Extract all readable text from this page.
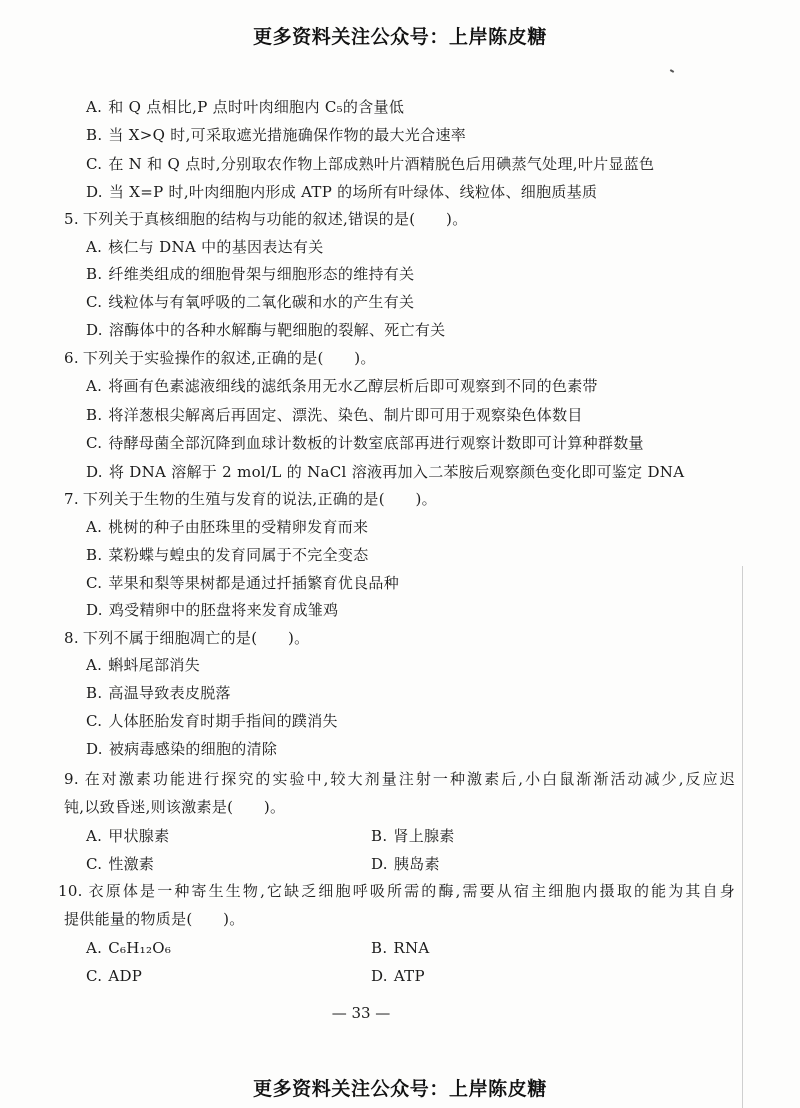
更多资料关注公众号：上岸陈皮糖
A. 和 Q 点相比,P 点时叶肉细胞内 C₅的含量低
B. 当 X>Q 时,可采取遮光措施确保作物的最大光合速率
C. 在 N 和 Q 点时,分别取农作物上部成熟叶片酒精脱色后用碘蒸气处理,叶片显蓝色
D. 当 X=P 时,叶肉细胞内形成 ATP 的场所有叶绿体、线粒体、细胞质基质
5. 下列关于真核细胞的结构与功能的叙述,错误的是(　　)。
A. 核仁与 DNA 中的基因表达有关
B. 纤维类组成的细胞骨架与细胞形态的维持有关
C. 线粒体与有氧呼吸的二氧化碳和水的产生有关
D. 溶酶体中的各种水解酶与靶细胞的裂解、死亡有关
6. 下列关于实验操作的叙述,正确的是(　　)。
A. 将画有色素滤液细线的滤纸条用无水乙醇层析后即可观察到不同的色素带
B. 将洋葱根尖解离后再固定、漂洗、染色、制片即可用于观察染色体数目
C. 待酵母菌全部沉降到血球计数板的计数室底部再进行观察计数即可计算种群数量
D. 将 DNA 溶解于 2 mol/L 的 NaCl 溶液再加入二苯胺后观察颜色变化即可鉴定 DNA
7. 下列关于生物的生殖与发育的说法,正确的是(　　)。
A. 桃树的种子由胚珠里的受精卵发育而来
B. 菜粉蝶与蝗虫的发育同属于不完全变态
C. 苹果和梨等果树都是通过扦插繁育优良品种
D. 鸡受精卵中的胚盘将来发育成雏鸡
8. 下列不属于细胞凋亡的是(　　)。
A. 蝌蚪尾部消失
B. 高温导致表皮脱落
C. 人体胚胎发育时期手指间的蹼消失
D. 被病毒感染的细胞的清除
9. 在对激素功能进行探究的实验中,较大剂量注射一种激素后,小白鼠渐渐活动减少,反应迟
钝,以致昏迷,则该激素是(　　)。
A. 甲状腺素	B. 肾上腺素
C. 性激素	D. 胰岛素
10. 衣原体是一种寄生生物,它缺乏细胞呼吸所需的酶,需要从宿主细胞内摄取的能为其自身
提供能量的物质是(　　)。
A. C₆H₁₂O₆	B. RNA
C. ADP	D. ATP
— 33 —
更多资料关注公众号：上岸陈皮糖
